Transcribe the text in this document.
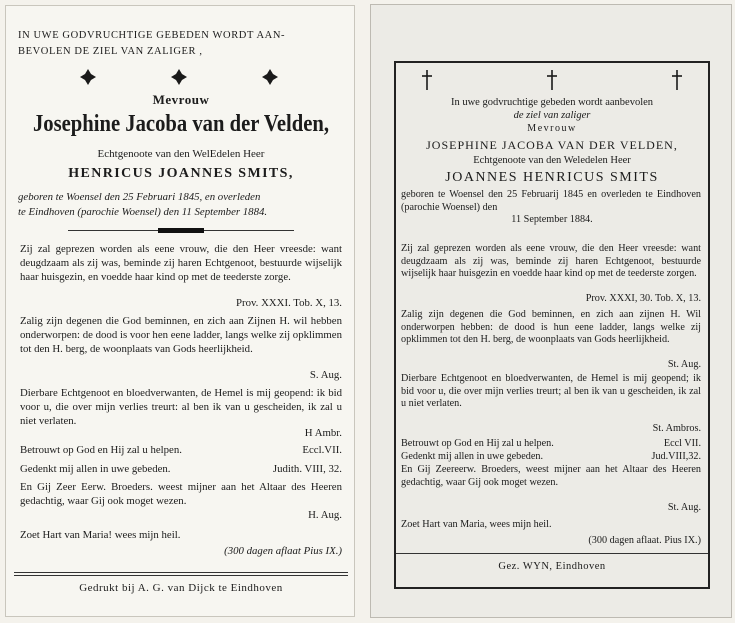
IN UWE GODVRUCHTIGE GEBEDEN WORDT AAN-

BEVOLEN DE ZIEL VAN ZALIGER ,

Mevrouw

Josephine Jacoba van der Velden,

Echtgenoote van den WelEdelen Heer

HENRICUS JOANNES SMITS,

geboren te Woensel den 25 Februari 1845, en overleden

te Eindhoven (parochie Woensel) den 11 September 1884.

Zij zal geprezen worden als eene vrouw, die den Heer vreesde: want deugdzaam als zij was, beminde zij haren Echtgenoot, bestuurde wijselijk haar huisgezin, en voedde haar kind op met de teederste zorge.

Prov. XXXI. Tob. X, 13.

Zalig zijn degenen die God beminnen, en zich aan Zijnen H. wil hebben onderworpen: de dood is voor hen eene ladder, langs welke zij opklimmen tot den H. berg, de woonplaats van Gods heerlijkheid.

S. Aug.

Dierbare Echtgenoot en bloedverwanten, de Hemel is mij geopend: ik bid voor u, die over mijn verlies treurt: al ben ik van u gescheiden, ik zal u niet verlaten.

H Ambr.

Betrouwt op God en Hij zal u helpen.	Eccl.VII.

Gedenkt mij allen in uwe gebeden.	Judith. VIII, 32.

En Gij Zeer Eerw. Broeders. weest mijner aan het Altaar des Heeren gedachtig, waar Gij ook moget wezen.

H. Aug.

Zoet Hart van Maria! wees mijn heil.

(300 dagen aflaat Pius IX.)

Gedrukt bij A. G. van Dijck te Eindhoven

In uwe godvruchtige gebeden wordt aanbevolen

de ziel van zaliger

Mevrouw

JOSEPHINE JACOBA VAN DER VELDEN,

Echtgenoote van den Weledelen Heer

JOANNES HENRICUS SMITS

geboren te Woensel den 25 Februarij 1845 en overleden te Eindhoven (parochie Woensel) den

11 September 1884.

Zij zal geprezen worden als eene vrouw, die den Heer vreesde: want deugdzaam als zij was, beminde zij haren Echtgenoot, bestuurde wijselijk haar huisgezin en voedde haar kind op met de teederste zorgen.

Prov. XXXI, 30. Tob. X, 13.

Zalig zijn degenen die God beminnen, en zich aan zijnen H. Wil onderworpen hebben: de dood is hun eene ladder, langs welke zij opklimmen tot den H. berg, de woonplaats van Gods heerlijkheid.

St. Aug.

Dierbare Echtgenoot en bloedverwanten, de Hemel is mij geopend; ik bid voor u, die over mijn verlies treurt; al ben ik van u gescheiden, ik zal u niet verlaten.

St. Ambros.

Betrouwt op God en Hij zal u helpen.	Eccl VII.

Gedenkt mij allen in uwe gebeden.	Jud.VIII,32.

En Gij Zeereerw. Broeders, weest mijner aan het Altaar des Heeren gedachtig, waar Gij ook moget wezen.

St. Aug.

Zoet Hart van Maria, wees mijn heil.

(300 dagen aflaat. Pius IX.)

Gez. WYN, Eindhoven
